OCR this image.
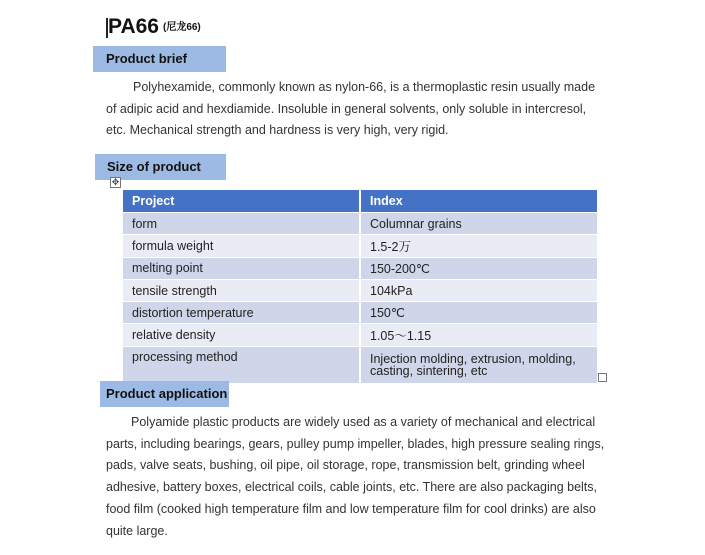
PA66 (尼龙66)
Product brief
Polyhexamide, commonly known as nylon-66, is a thermoplastic resin usually made
of adipic acid and hexdiamide. Insoluble in general solvents, only soluble in intercresol,
etc. Mechanical strength and hardness is very high, very rigid.
Size of product
✥
Project	Index
form	Columnar grains
formula weight	1.5-2万
melting point	150-200℃
tensile strength	104kPa
distortion temperature	150℃
relative density	1.05～1.15
processing method	Injection molding, extrusion, molding, casting, sintering, etc
Product application
Polyamide plastic products are widely used as a variety of mechanical and electrical
parts, including bearings, gears, pulley pump impeller, blades, high pressure sealing rings,
pads, valve seats, bushing, oil pipe, oil storage, rope, transmission belt, grinding wheel
adhesive, battery boxes, electrical coils, cable joints, etc. There are also packaging belts,
food film (cooked high temperature film and low temperature film for cool drinks) are also
quite large.
